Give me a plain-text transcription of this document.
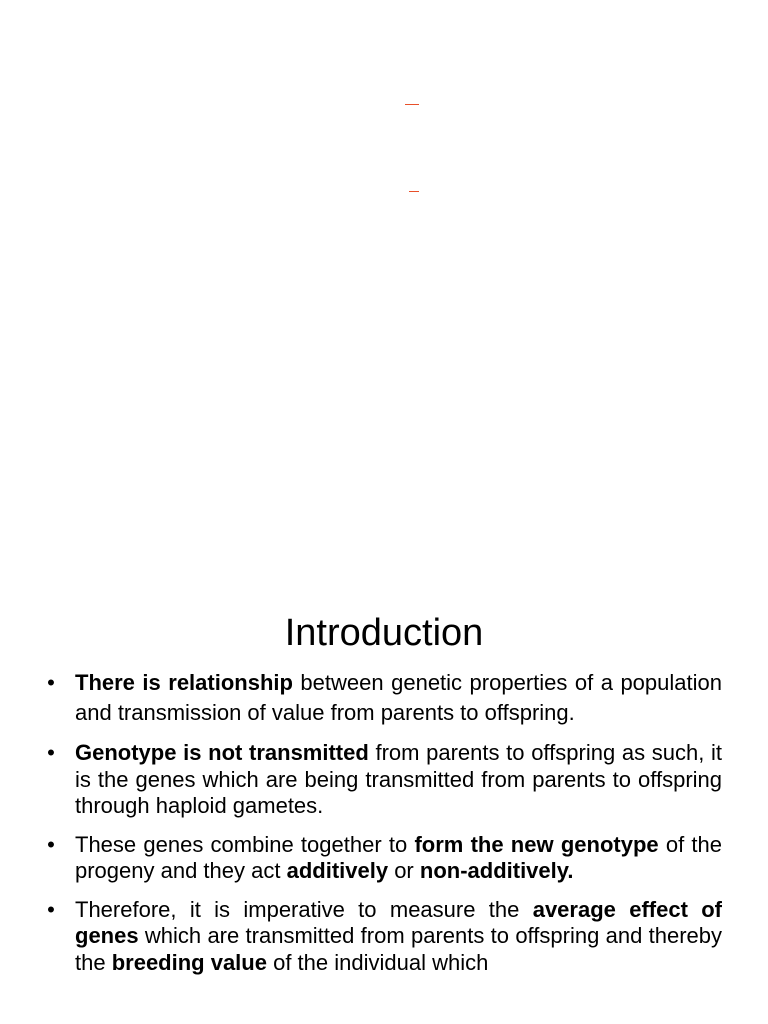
Introduction
• There is relationship between genetic properties of a population and transmission of value from parents to offspring.
• Genotype is not transmitted from parents to offspring as such, it is the genes which are being transmitted from parents to offspring through haploid gametes.
• These genes combine together to form the new genotype of the progeny and they act additively or non-additively.
• Therefore, it is imperative to measure the average effect of genes which are transmitted from parents to offspring and thereby the breeding value of the individual which
